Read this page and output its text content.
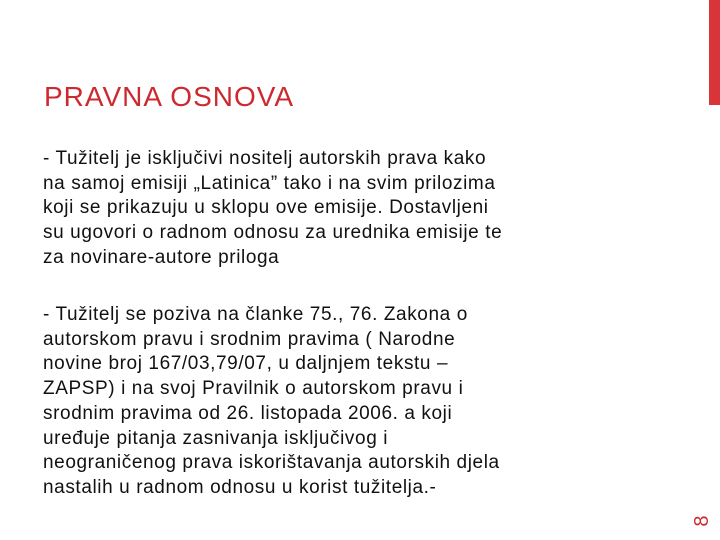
PRAVNA OSNOVA

- Tužitelj je isključivi nositelj autorskih prava kako
na samoj emisiji „Latinica” tako i na svim prilozima
koji se prikazuju u sklopu ove emisije. Dostavljeni
su ugovori o radnom odnosu za urednika emisije te
za novinare-autore priloga

- Tužitelj se poziva na članke 75., 76. Zakona o
autorskom pravu i srodnim pravima ( Narodne
novine broj 167/03,79/07, u daljnjem tekstu –
ZAPSP) i na svoj Pravilnik o autorskom pravu i
srodnim pravima od 26. listopada 2006. a koji
uređuje pitanja zasnivanja isključivog i
neograničenog prava iskorištavanja autorskih djela
nastalih u radnom odnosu u korist tužitelja.-

8
